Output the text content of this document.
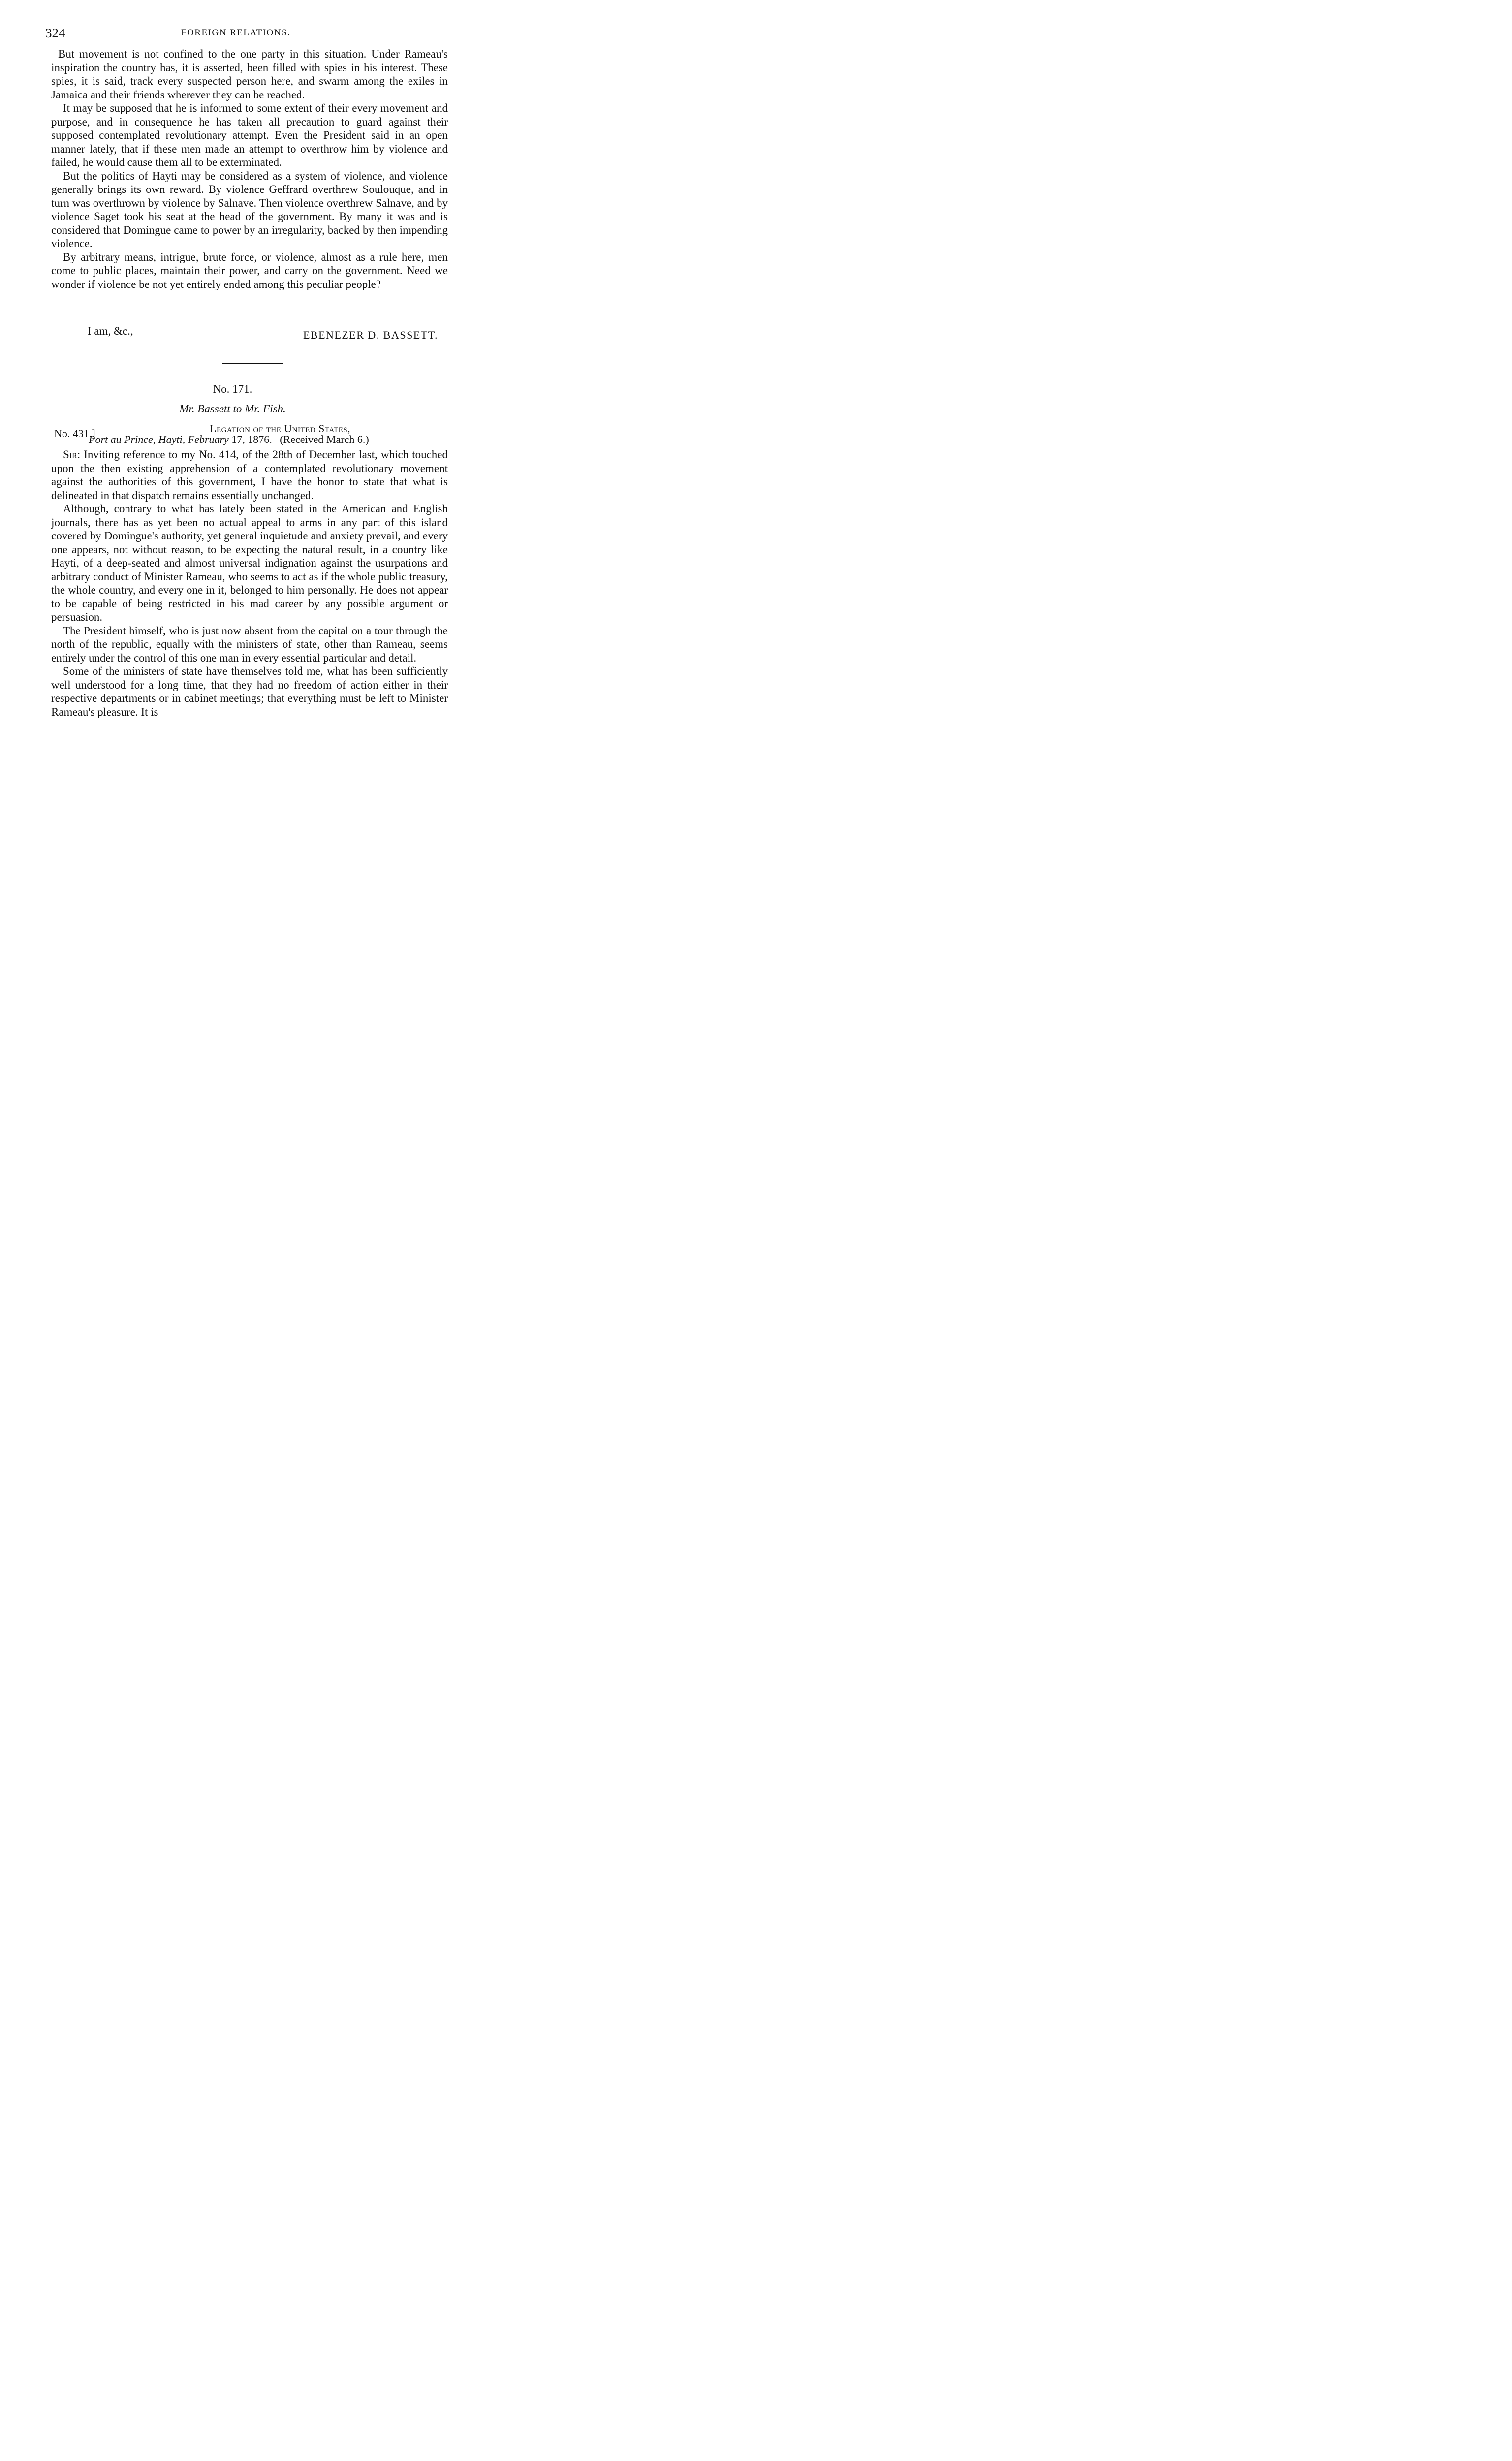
324	FOREIGN RELATIONS.

But movement is not confined to the one party in this situation. Under Rameau's inspiration the country has, it is asserted, been filled with spies in his interest. These spies, it is said, track every suspected person here, and swarm among the exiles in Jamaica and their friends wherever they can be reached.

It may be supposed that he is informed to some extent of their every movement and purpose, and in consequence he has taken all precaution to guard against their supposed contemplated revolutionary attempt. Even the President said in an open manner lately, that if these men made an attempt to overthrow him by violence and failed, he would cause them all to be exterminated.

But the politics of Hayti may be considered as a system of violence, and violence generally brings its own reward. By violence Geffrard overthrew Soulouque, and in turn was overthrown by violence by Salnave. Then violence overthrew Salnave, and by violence Saget took his seat at the head of the government. By many it was and is considered that Domingue came to power by an irregularity, backed by then impending violence.

By arbitrary means, intrigue, brute force, or violence, almost as a rule here, men come to public places, maintain their power, and carry on the government. Need we wonder if violence be not yet entirely ended among this peculiar people?

I am, &c.,	EBENEZER D. BASSETT.
No. 171.
Mr. Bassett to Mr. Fish.
No. 431.]	Legation of the United States,
Port au Prince, Hayti, February 17, 1876. (Received March 6.)

Sir: Inviting reference to my No. 414, of the 28th of December last, which touched upon the then existing apprehension of a contemplated revolutionary movement against the authorities of this government, I have the honor to state that what is delineated in that dispatch remains essentially unchanged.

Although, contrary to what has lately been stated in the American and English journals, there has as yet been no actual appeal to arms in any part of this island covered by Domingue's authority, yet general inquietude and anxiety prevail, and every one appears, not without reason, to be expecting the natural result, in a country like Hayti, of a deep-seated and almost universal indignation against the usurpations and arbitrary conduct of Minister Rameau, who seems to act as if the whole public treasury, the whole country, and every one in it, belonged to him personally. He does not appear to be capable of being restricted in his mad career by any possible argument or persuasion.

The President himself, who is just now absent from the capital on a tour through the north of the republic, equally with the ministers of state, other than Rameau, seems entirely under the control of this one man in every essential particular and detail.

Some of the ministers of state have themselves told me, what has been sufficiently well understood for a long time, that they had no freedom of action either in their respective departments or in cabinet meetings; that everything must be left to Minister Rameau's pleasure. It is
